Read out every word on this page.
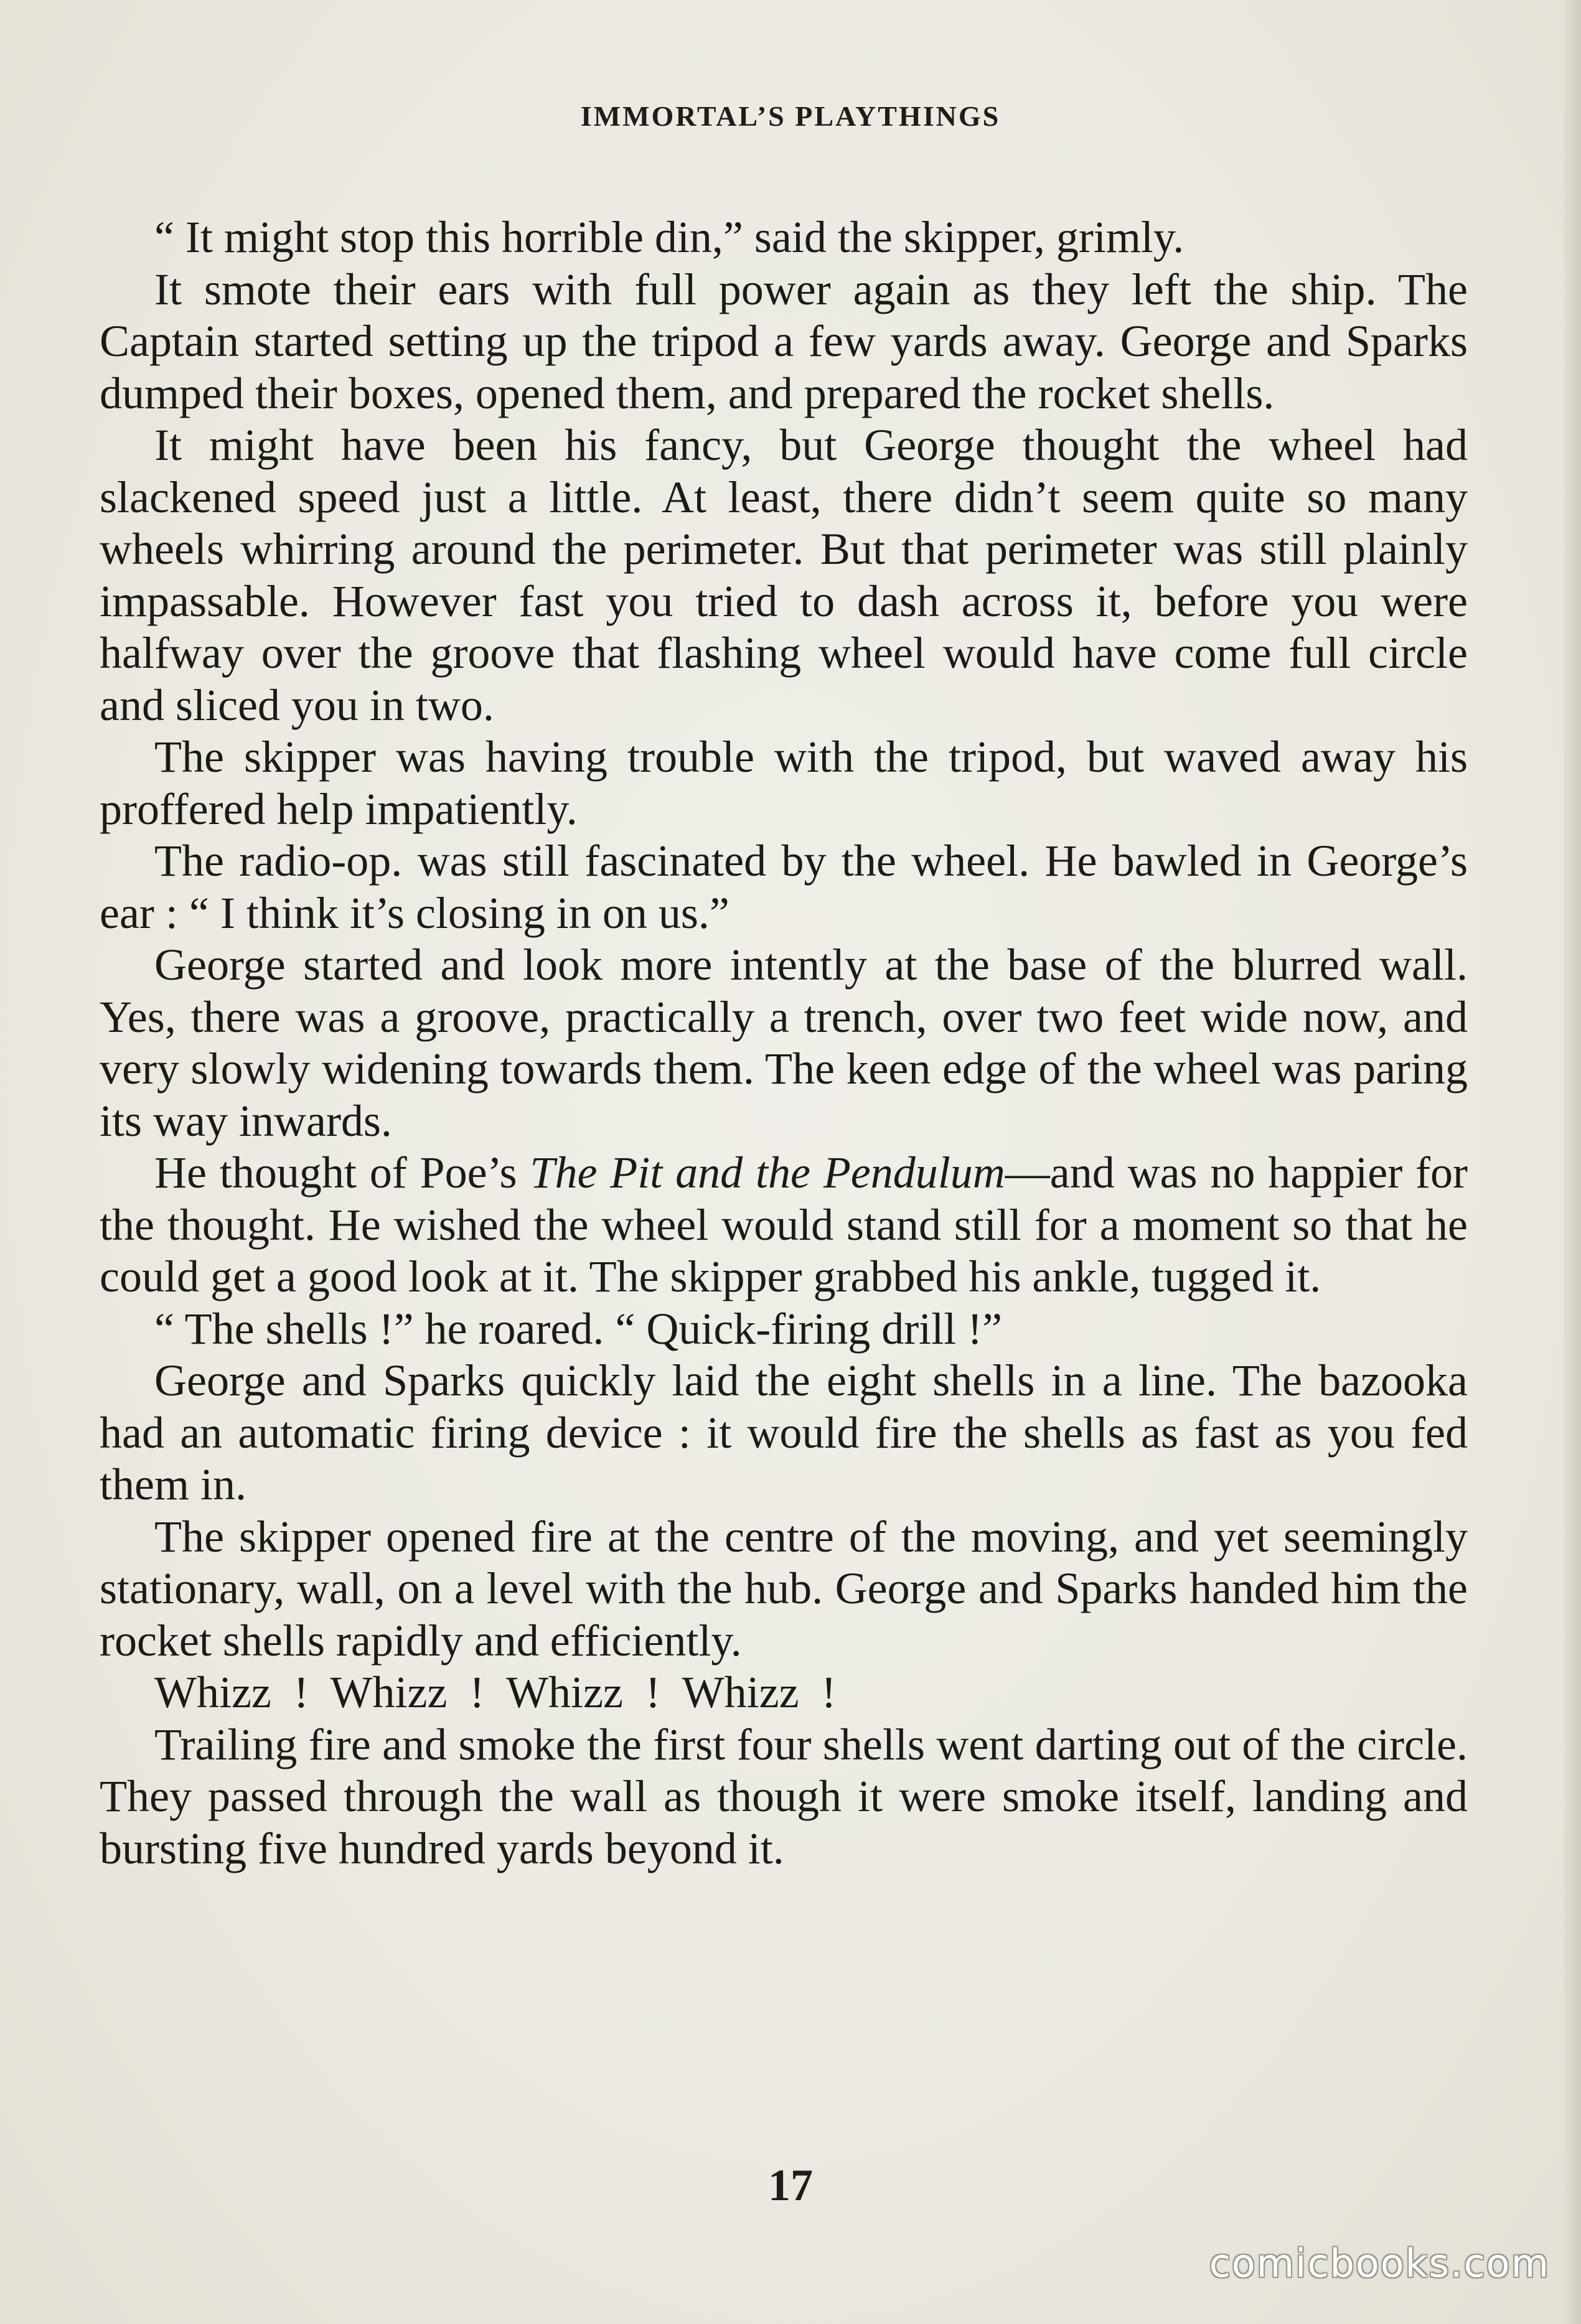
IMMORTAL’S PLAYTHINGS

“ It might stop this horrible din,” said the skipper, grimly.

It smote their ears with full power again as they left the ship. The Captain started setting up the tripod a few yards away. George and Sparks dumped their boxes, opened them, and prepared the rocket shells.

It might have been his fancy, but George thought the wheel had slackened speed just a little. At least, there didn’t seem quite so many wheels whirring around the perimeter. But that perimeter was still plainly impassable. However fast you tried to dash across it, before you were halfway over the groove that flashing wheel would have come full circle and sliced you in two.

The skipper was having trouble with the tripod, but waved away his proffered help impatiently.

The radio-op. was still fascinated by the wheel. He bawled in George’s ear : “ I think it’s closing in on us.”

George started and look more intently at the base of the blurred wall. Yes, there was a groove, practically a trench, over two feet wide now, and very slowly widening towards them. The keen edge of the wheel was paring its way inwards.

He thought of Poe’s The Pit and the Pendulum—and was no happier for the thought. He wished the wheel would stand still for a moment so that he could get a good look at it. The skipper grabbed his ankle, tugged it.

“ The shells !” he roared. “ Quick-firing drill !”

George and Sparks quickly laid the eight shells in a line. The bazooka had an automatic firing device : it would fire the shells as fast as you fed them in.

The skipper opened fire at the centre of the moving, and yet seemingly stationary, wall, on a level with the hub. George and Sparks handed him the rocket shells rapidly and efficiently.

Whizz ! Whizz ! Whizz ! Whizz !

Trailing fire and smoke the first four shells went darting out of the circle. They passed through the wall as though it were smoke itself, landing and bursting five hundred yards beyond it.

17
comicbooks.com
